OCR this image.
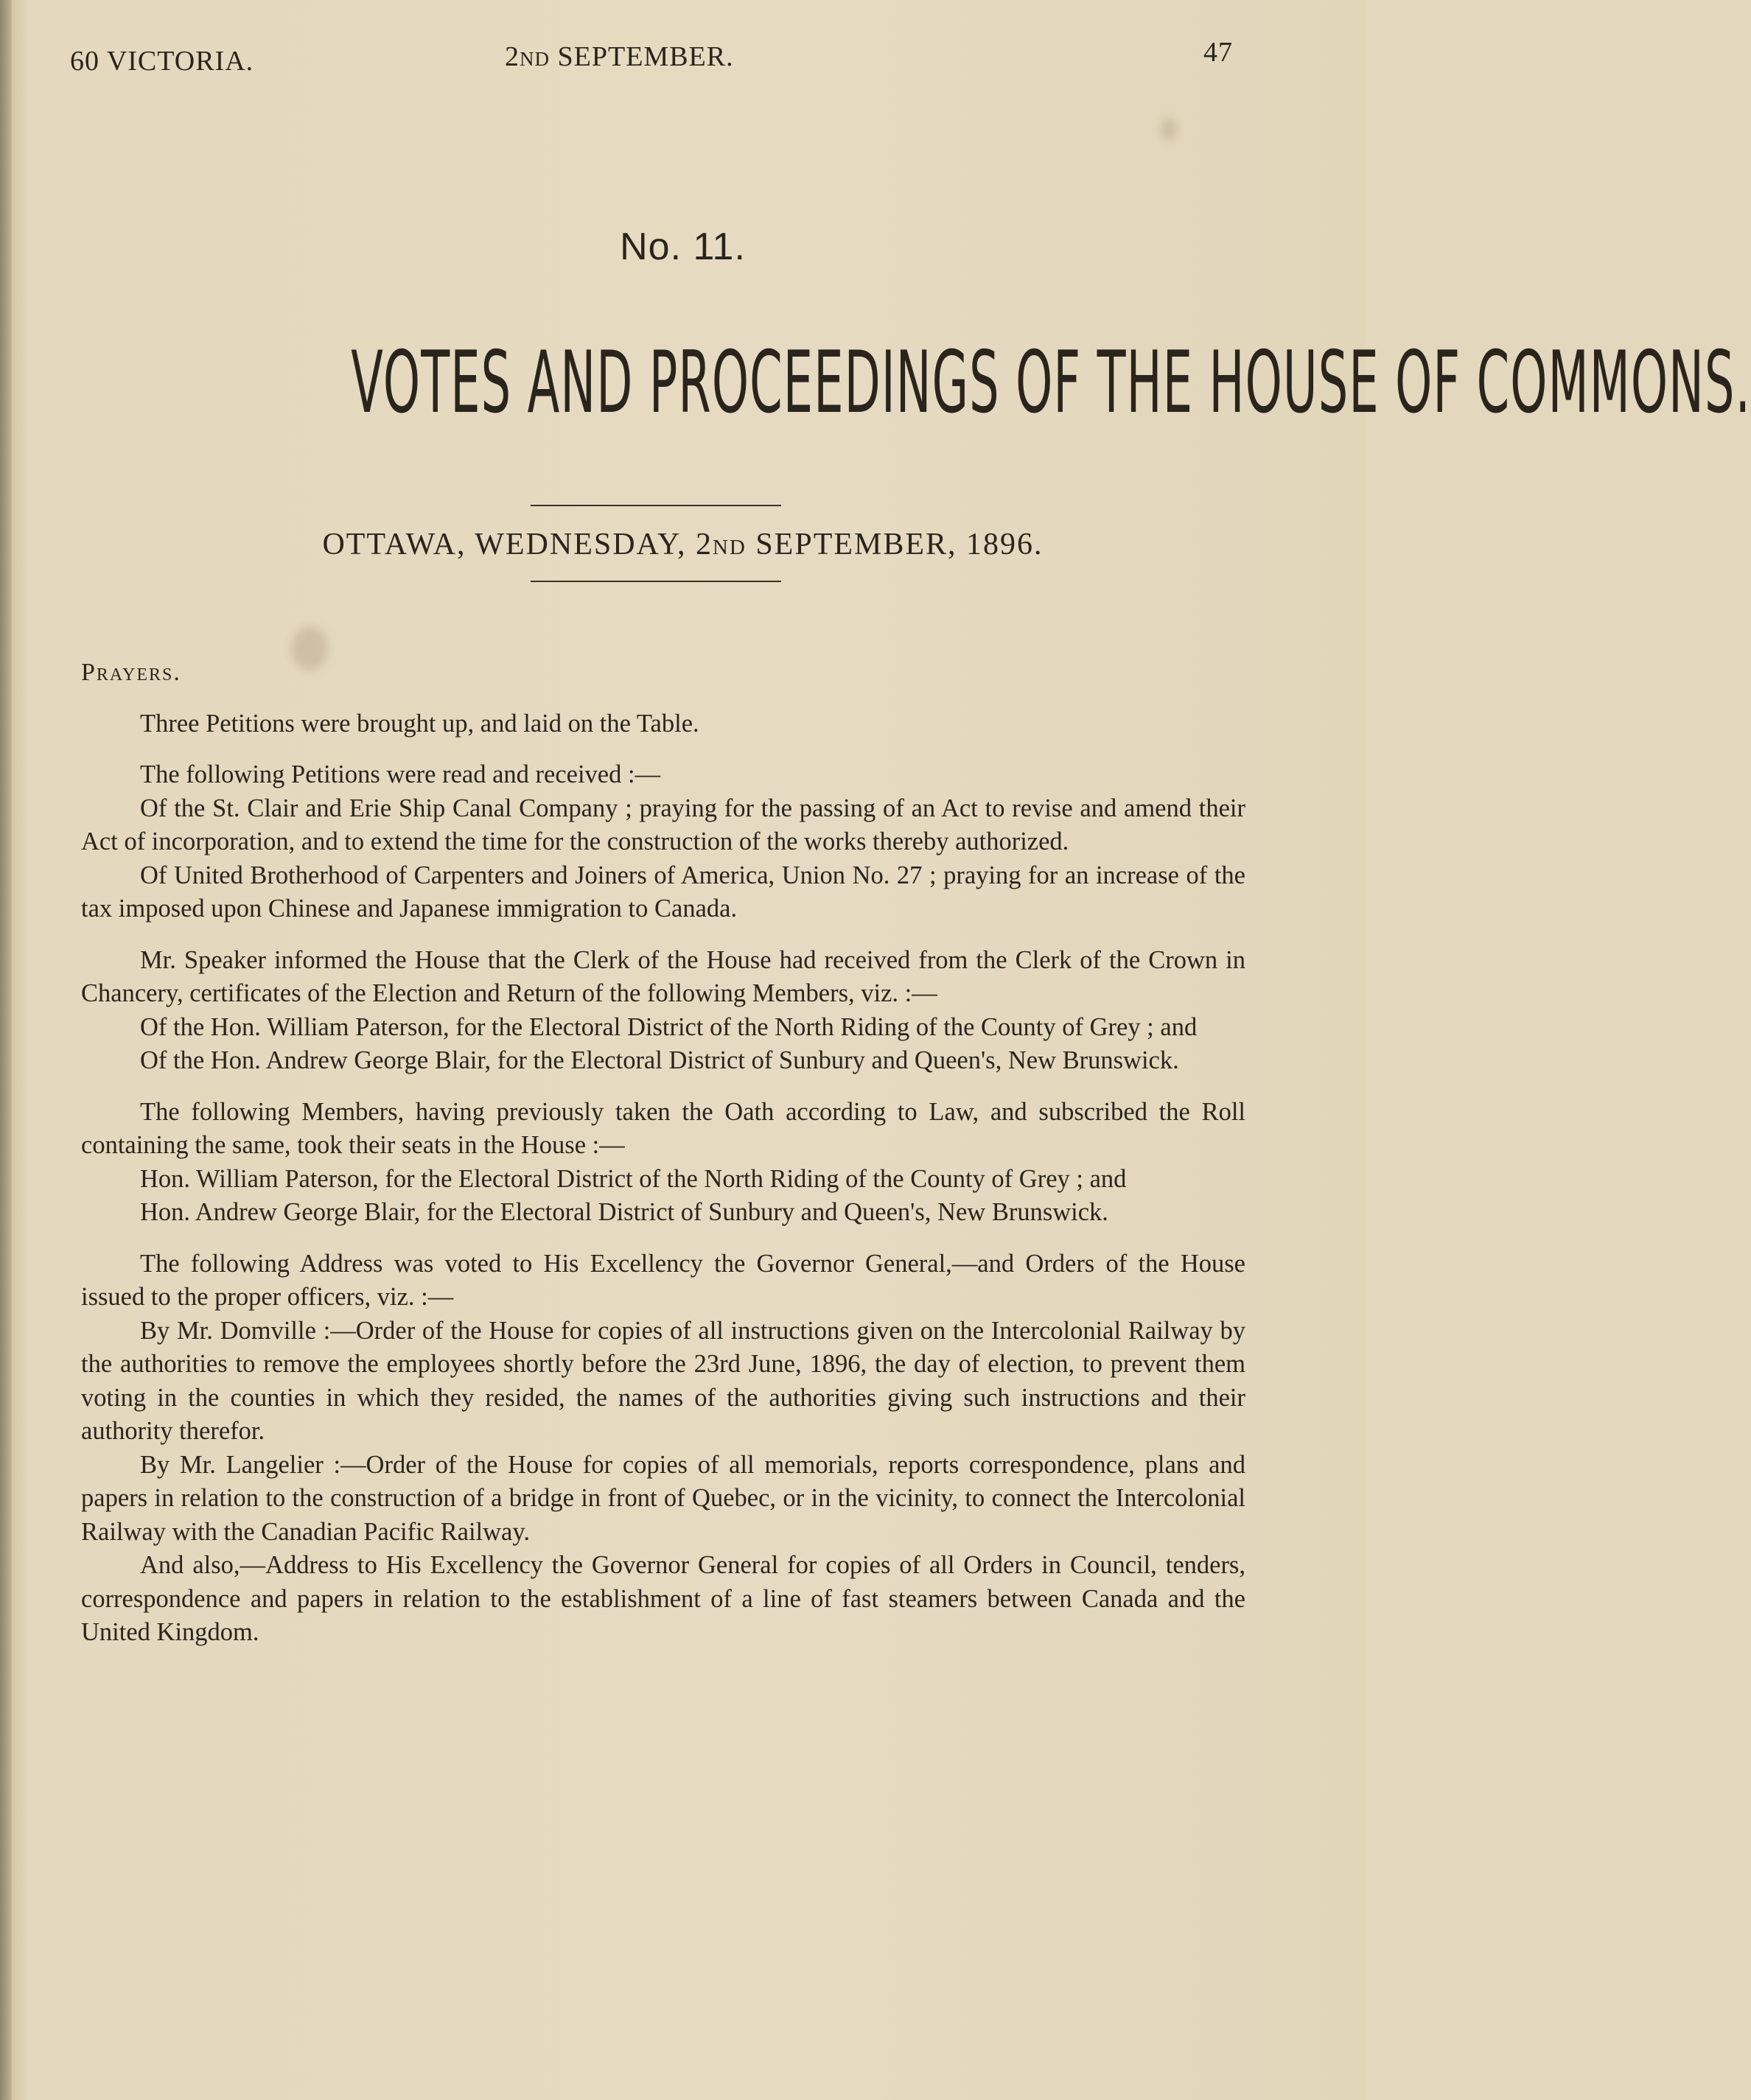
60 VICTORIA.	2nd SEPTEMBER.	47
No. 11.
VOTES AND PROCEEDINGS OF THE HOUSE OF COMMONS.
OTTAWA, WEDNESDAY, 2nd SEPTEMBER, 1896.

Prayers.

Three Petitions were brought up, and laid on the Table.

The following Petitions were read and received :—

Of the St. Clair and Erie Ship Canal Company ; praying for the passing of an Act to revise and amend their Act of incorporation, and to extend the time for the construction of the works thereby authorized.

Of United Brotherhood of Carpenters and Joiners of America, Union No. 27 ; praying for an increase of the tax imposed upon Chinese and Japanese immigration to Canada.

Mr. Speaker informed the House that the Clerk of the House had received from the Clerk of the Crown in Chancery, certificates of the Election and Return of the following Members, viz. :—

Of the Hon. William Paterson, for the Electoral District of the North Riding of the County of Grey ; and

Of the Hon. Andrew George Blair, for the Electoral District of Sunbury and Queen's, New Brunswick.

The following Members, having previously taken the Oath according to Law, and subscribed the Roll containing the same, took their seats in the House :—

Hon. William Paterson, for the Electoral District of the North Riding of the County of Grey ; and

Hon. Andrew George Blair, for the Electoral District of Sunbury and Queen's, New Brunswick.

The following Address was voted to His Excellency the Governor General,—and Orders of the House issued to the proper officers, viz. :—

By Mr. Domville :—Order of the House for copies of all instructions given on the Intercolonial Railway by the authorities to remove the employees shortly before the 23rd June, 1896, the day of election, to prevent them voting in the counties in which they resided, the names of the authorities giving such instructions and their authority therefor.

By Mr. Langelier :—Order of the House for copies of all memorials, reports correspondence, plans and papers in relation to the construction of a bridge in front of Quebec, or in the vicinity, to connect the Intercolonial Railway with the Canadian Pacific Railway.

And also,—Address to His Excellency the Governor General for copies of all Orders in Council, tenders, correspondence and papers in relation to the establishment of a line of fast steamers between Canada and the United Kingdom.
